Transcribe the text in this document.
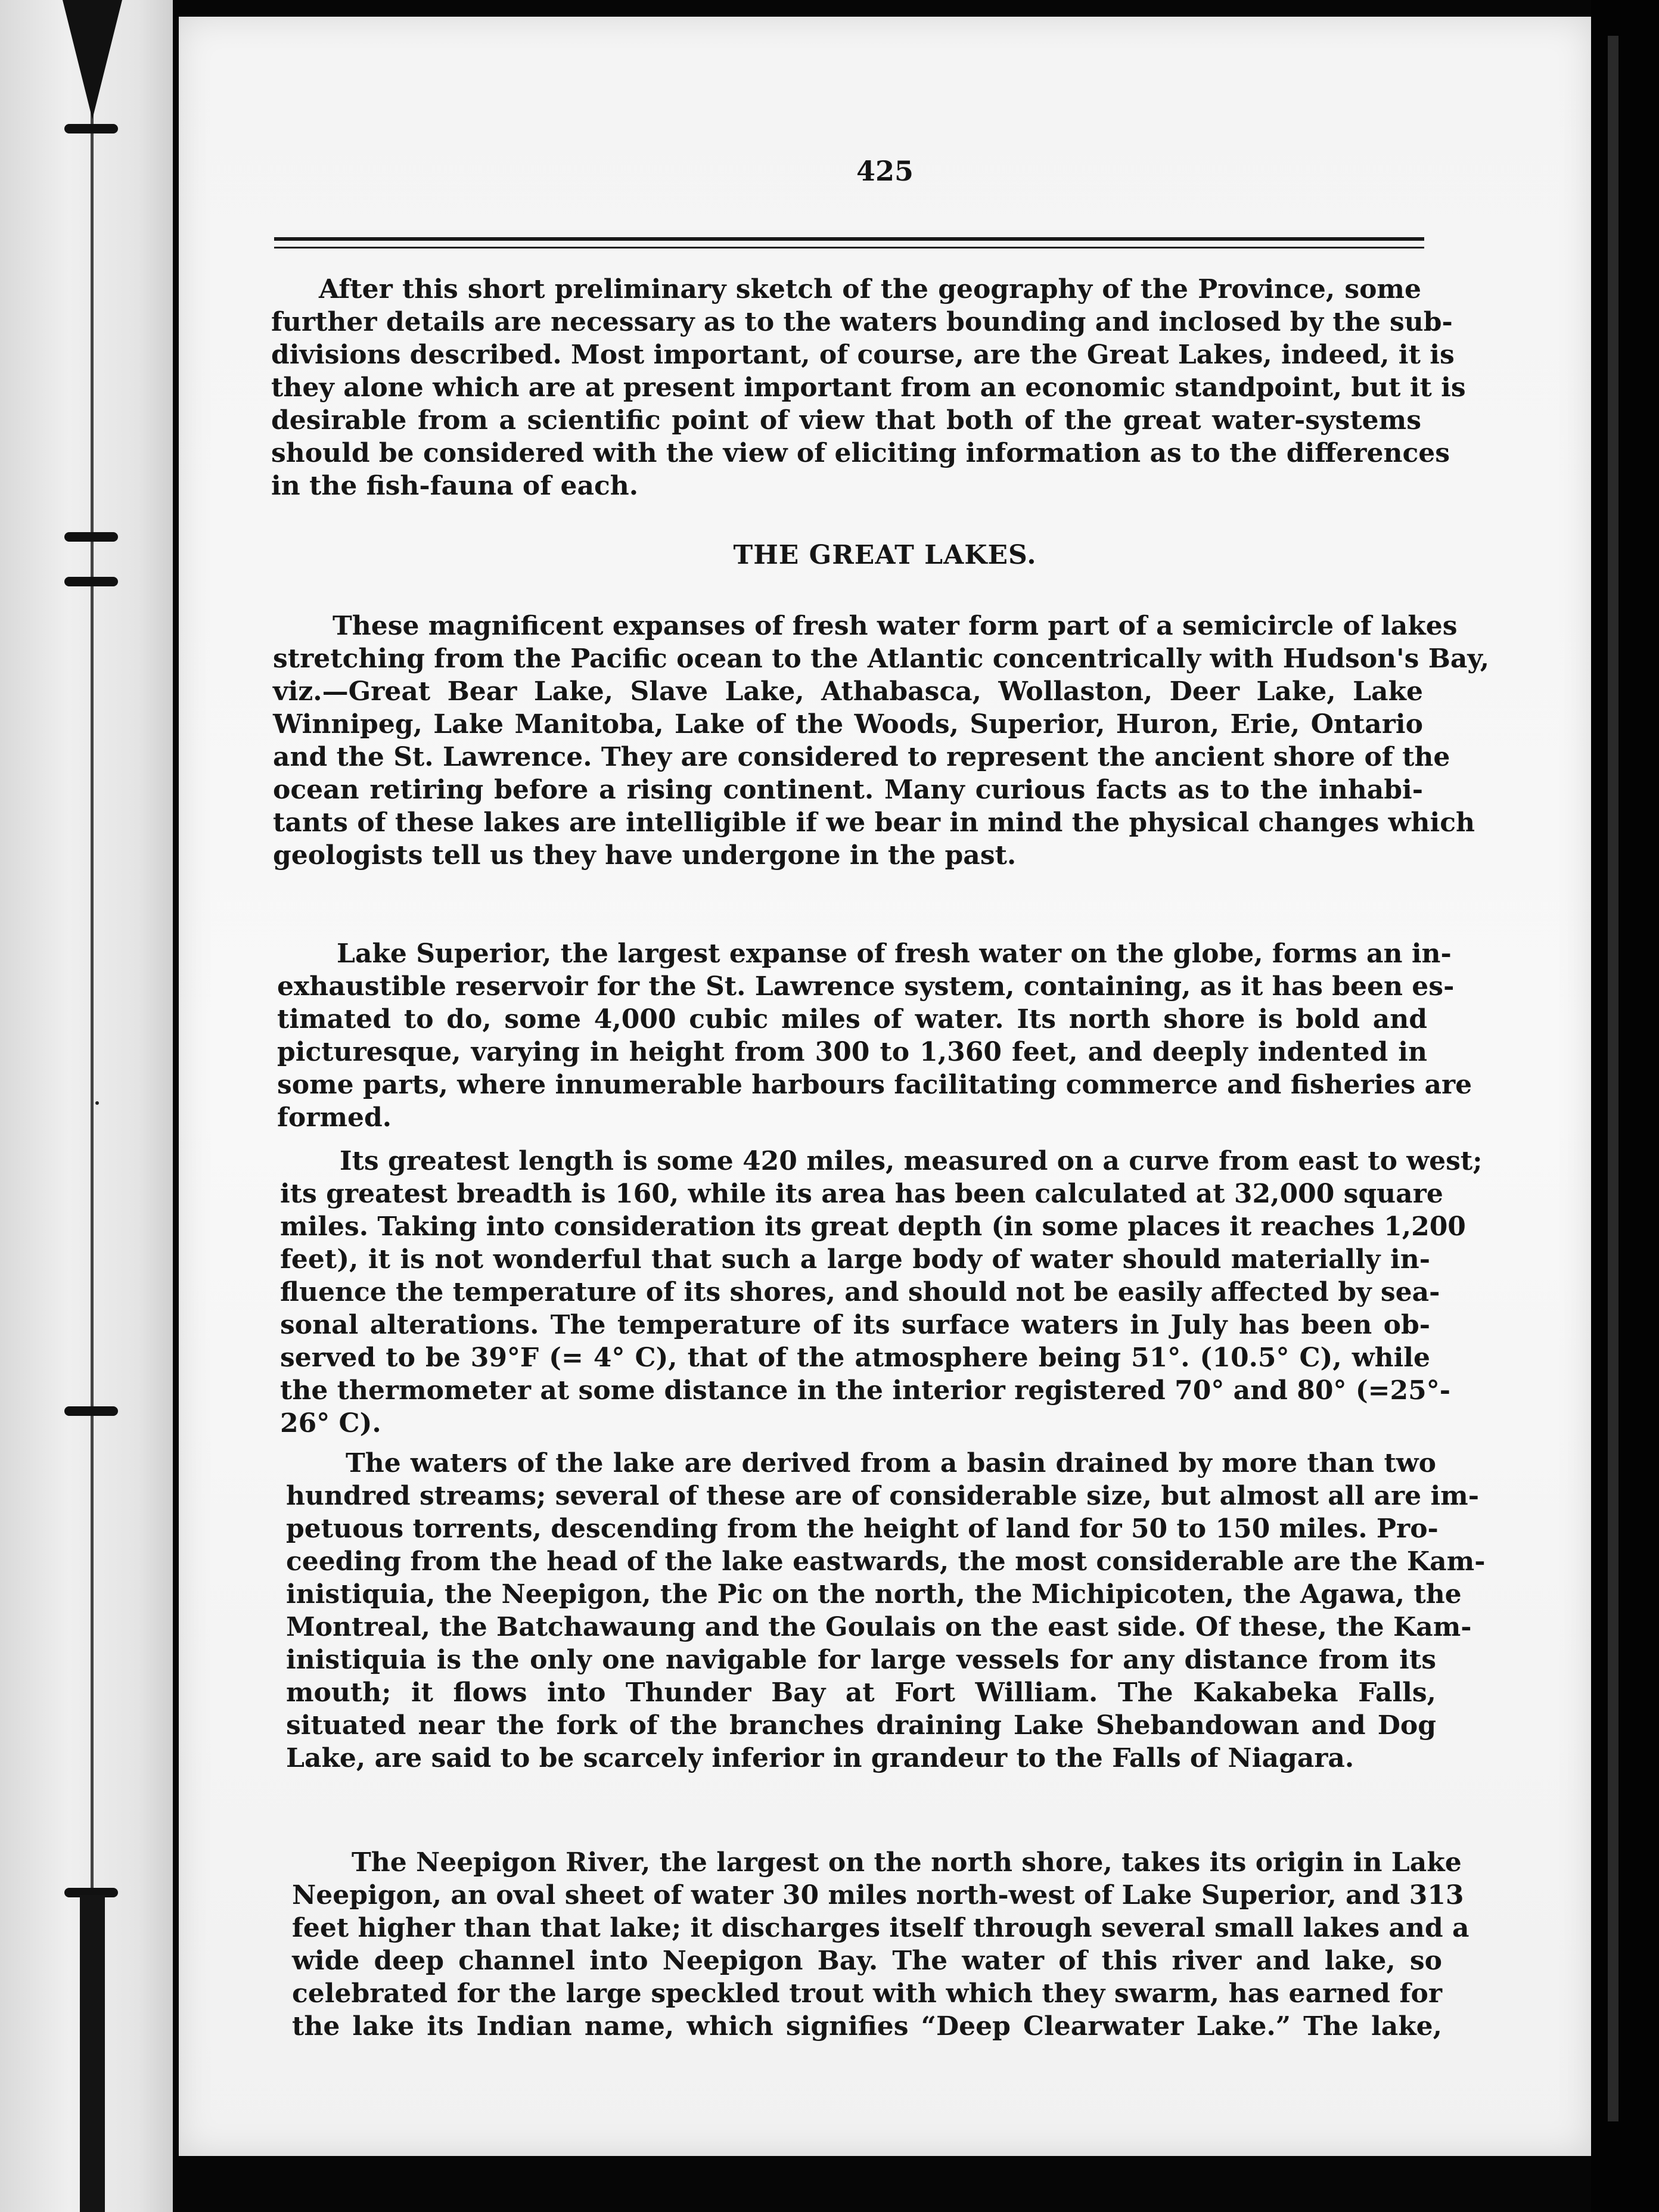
425
After this short preliminary sketch of the geography of the Province, some
further details are necessary as to the waters bounding and inclosed by the sub-
divisions described. Most important, of course, are the Great Lakes, indeed, it is
they alone which are at present important from an economic standpoint, but it is
desirable from a scientific point of view that both of the great water-systems
should be considered with the view of eliciting information as to the differences
in the fish-fauna of each.
THE GREAT LAKES.
These magnificent expanses of fresh water form part of a semicircle of lakes
stretching from the Pacific ocean to the Atlantic concentrically with Hudson's Bay,
viz.—Great Bear Lake, Slave Lake, Athabasca, Wollaston, Deer Lake, Lake
Winnipeg, Lake Manitoba, Lake of the Woods, Superior, Huron, Erie, Ontario
and the St. Lawrence. They are considered to represent the ancient shore of the
ocean retiring before a rising continent. Many curious facts as to the inhabi-
tants of these lakes are intelligible if we bear in mind the physical changes which
geologists tell us they have undergone in the past.
Lake Superior, the largest expanse of fresh water on the globe, forms an in-
exhaustible reservoir for the St. Lawrence system, containing, as it has been es-
timated to do, some 4,000 cubic miles of water. Its north shore is bold and
picturesque, varying in height from 300 to 1,360 feet, and deeply indented in
some parts, where innumerable harbours facilitating commerce and fisheries are
formed.
Its greatest length is some 420 miles, measured on a curve from east to west;
its greatest breadth is 160, while its area has been calculated at 32,000 square
miles. Taking into consideration its great depth (in some places it reaches 1,200
feet), it is not wonderful that such a large body of water should materially in-
fluence the temperature of its shores, and should not be easily affected by sea-
sonal alterations. The temperature of its surface waters in July has been ob-
served to be 39°F (= 4° C), that of the atmosphere being 51°. (10.5° C), while
the thermometer at some distance in the interior registered 70° and 80° (=25°-
26° C).
The waters of the lake are derived from a basin drained by more than two
hundred streams; several of these are of considerable size, but almost all are im-
petuous torrents, descending from the height of land for 50 to 150 miles. Pro-
ceeding from the head of the lake eastwards, the most considerable are the Kam-
inistiquia, the Neepigon, the Pic on the north, the Michipicoten, the Agawa, the
Montreal, the Batchawaung and the Goulais on the east side. Of these, the Kam-
inistiquia is the only one navigable for large vessels for any distance from its
mouth; it flows into Thunder Bay at Fort William. The Kakabeka Falls,
situated near the fork of the branches draining Lake Shebandowan and Dog
Lake, are said to be scarcely inferior in grandeur to the Falls of Niagara.
The Neepigon River, the largest on the north shore, takes its origin in Lake
Neepigon, an oval sheet of water 30 miles north-west of Lake Superior, and 313
feet higher than that lake; it discharges itself through several small lakes and a
wide deep channel into Neepigon Bay. The water of this river and lake, so
celebrated for the large speckled trout with which they swarm, has earned for
the lake its Indian name, which signifies “Deep Clearwater Lake.” The lake,
